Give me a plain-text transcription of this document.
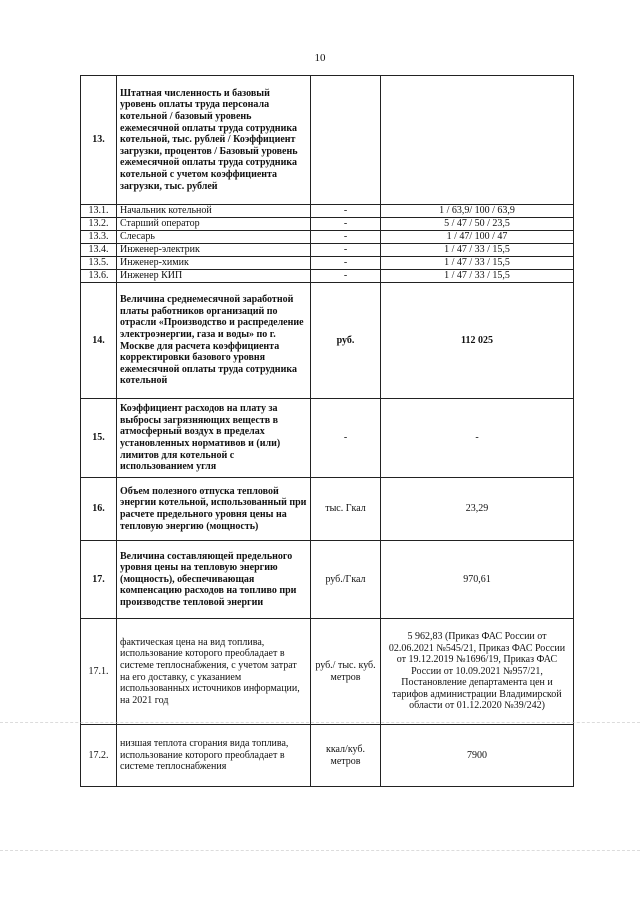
10
13.	Штатная численность и базовый уровень оплаты труда персонала котельной / базовый уровень ежемесячной оплаты труда сотрудника котельной, тыс. рублей / Коэффициент загрузки, процентов / Базовый уровень ежемесячной оплаты труда сотрудника котельной с учетом коэффициента загрузки, тыс. рублей		
13.1.	Начальник котельной	-	1 / 63,9/ 100 / 63,9
13.2.	Старший оператор	-	5 / 47 / 50 / 23,5
13.3.	Слесарь	-	1 / 47/ 100 / 47
13.4.	Инженер-электрик	-	1 / 47 / 33 / 15,5
13.5.	Инженер-химик	-	1 / 47 / 33 / 15,5
13.6.	Инженер КИП	-	1 / 47 / 33 / 15,5
14.	Величина среднемесячной заработной платы работников организаций по отрасли «Производство и распределение электроэнергии, газа и воды» по г. Москве для расчета коэффициента корректировки базового уровня ежемесячной оплаты труда сотрудника котельной	руб.	112 025
15.	Коэффициент расходов на плату за выбросы загрязняющих веществ в атмосферный воздух в пределах установленных нормативов и (или) лимитов для котельной с использованием угля	-	-
16.	Объем полезного отпуска тепловой энергии котельной, использованный при расчете предельного уровня цены на тепловую энергию (мощность)	тыс. Гкал	23,29
17.	Величина составляющей предельного уровня цены на тепловую энергию (мощность), обеспечивающая компенсацию расходов на топливо при производстве тепловой энергии	руб./Гкал	970,61
17.1.	фактическая цена на вид топлива, использование которого преобладает в системе теплоснабжения, с учетом затрат на его доставку, с указанием использованных источников информации, на 2021 год	руб./ тыс. куб. метров	5 962,83 (Приказ ФАС России от 02.06.2021 №545/21, Приказ ФАС России от 19.12.2019 №1696/19, Приказ ФАС России от 10.09.2021 №957/21, Постановление департамента цен и тарифов администрации Владимирской области от 01.12.2020 №39/242)
17.2.	низшая теплота сгорания вида топлива, использование которого преобладает в системе теплоснабжения	ккал/куб. метров	7900
